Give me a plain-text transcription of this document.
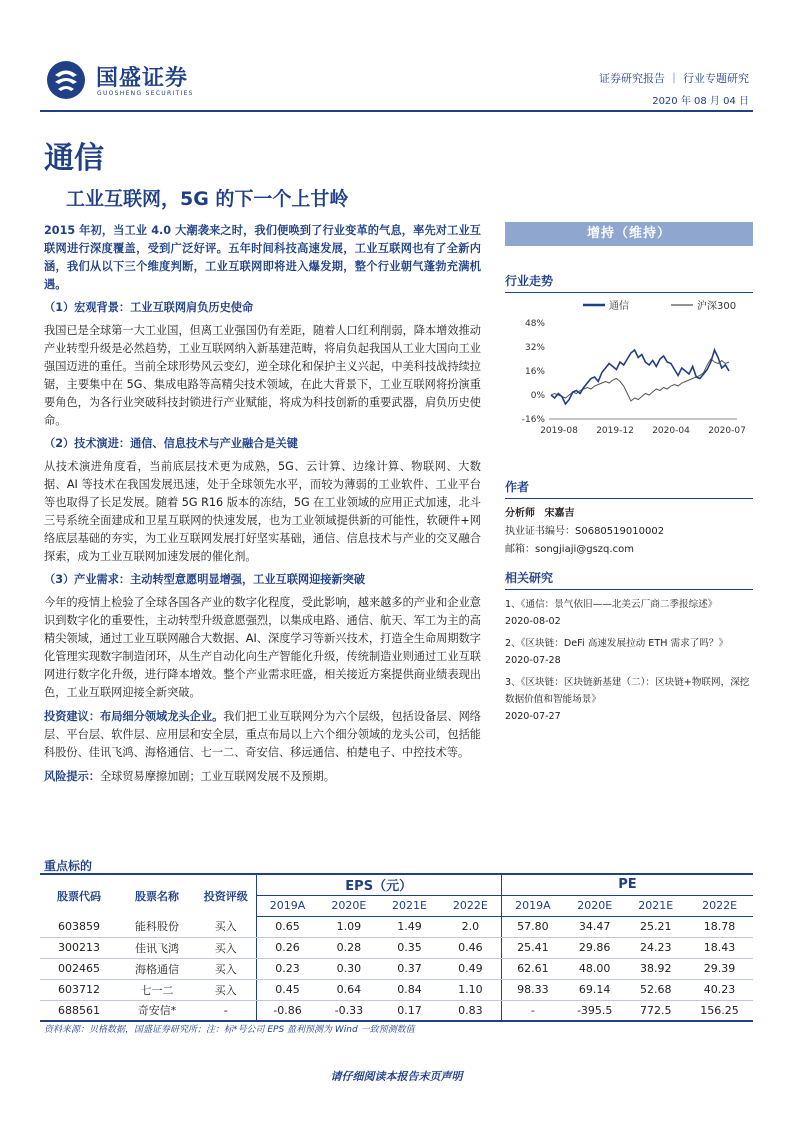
国盛证券
GUOSHENG SECURITIES
证券研究报告 ｜ 行业专题研究
2020 年 08 月 04 日
通信
工业互联网，5G 的下一个上甘岭

2015 年初，当工业 4.0 大潮袭来之时，我们便唤到了行业变革的气息，率先对工业互联网进行深度覆盖，受到广泛好评。五年时间科技高速发展，工业互联网也有了全新内涵，我们从以下三个维度判断，工业互联网即将进入爆发期，整个行业朝气蓬勃充满机遇。

（1）宏观背景：工业互联网肩负历史使命

我国已是全球第一大工业国，但离工业强国仍有差距，随着人口红利削弱，降本增效推动产业转型升级是必然趋势，工业互联网纳入新基建范畴，将肩负起我国从工业大国向工业强国迈进的重任。当前全球形势风云变幻，逆全球化和保护主义兴起，中美科技战持续拉锯，主要集中在 5G、集成电路等高精尖技术领域，在此大背景下，工业互联网将扮演重要角色，为各行业突破科技封锁进行产业赋能，将成为科技创新的重要武器，肩负历史使命。

（2）技术演进：通信、信息技术与产业融合是关键

从技术演进角度看，当前底层技术更为成熟，5G、云计算、边缘计算、物联网、大数据、AI 等技术在我国发展迅速，处于全球领先水平，而较为薄弱的工业软件、工业平台等也取得了长足发展。随着 5G R16 版本的冻结，5G 在工业领域的应用正式加速，北斗三号系统全面建成和卫星互联网的快速发展，也为工业领域提供新的可能性，软硬件+网络底层基础的夯实，为工业互联网发展打好坚实基础，通信、信息技术与产业的交叉融合探索，成为工业互联网加速发展的催化剂。

（3）产业需求：主动转型意愿明显增强，工业互联网迎接新突破

今年的疫情上检验了全球各国各产业的数字化程度，受此影响，越来越多的产业和企业意识到数字化的重要性，主动转型升级意愿强烈，以集成电路、通信、航天、军工为主的高精尖领域，通过工业互联网融合大数据、AI、深度学习等新兴技术，打造全生命周期数字化管理实现数字制造闭环，从生产自动化向生产智能化升级，传统制造业则通过工业互联网进行数字化升级，进行降本增效。整个产业需求旺盛，相关接近方案提供商业绩表现出色，工业互联网迎接全新突破。

投资建议：布局细分领域龙头企业。我们把工业互联网分为六个层级，包括设备层、网络层、平台层、软件层、应用层和安全层，重点布局以上六个细分领域的龙头公司，包括能科股份、佳讯飞鸿、海格通信、七一二、奇安信、移远通信、柏楚电子、中控技术等。

风险提示：全球贸易摩擦加剧；工业互联网发展不及预期。

增持（维持）
行业走势
通信	沪深300
48%
32%
16%
0%
-16%
2019-08 2019-12 2020-04 2020-07
作者
分析师 宋嘉吉
执业证书编号：S0680519010002
邮箱：songjiaji@gszq.com
相关研究
1、《通信：景气依旧——北美云厂商二季报综述》
2020-08-02
2、《区块链：DeFi 高速发展拉动 ETH 需求了吗？》
2020-07-28
3、《区块链：区块链新基建（二）：区块链+物联网，深挖数据价值和智能场景》
2020-07-27
重点标的
股票代码	股票名称	投资评级	EPS（元）				PE			
			2019A	2020E	2021E	2022E	2019A	2020E	2021E	2022E
603859	能科股份	买入	0.65	1.09	1.49	2.0	57.80	34.47	25.21	18.78
300213	佳讯飞鸿	买入	0.26	0.28	0.35	0.46	25.41	29.86	24.23	18.43
002465	海格通信	买入	0.23	0.30	0.37	0.49	62.61	48.00	38.92	29.39
603712	七一二	买入	0.45	0.64	0.84	1.10	98.33	69.14	52.68	40.23
688561	奇安信*	-	-0.86	-0.33	0.17	0.83	-	-395.5	772.5	156.25
资料来源：贝格数据，国盛证券研究所；注：标*号公司 EPS 盈利预测为 Wind 一致预测数值
请仔细阅读本报告末页声明
